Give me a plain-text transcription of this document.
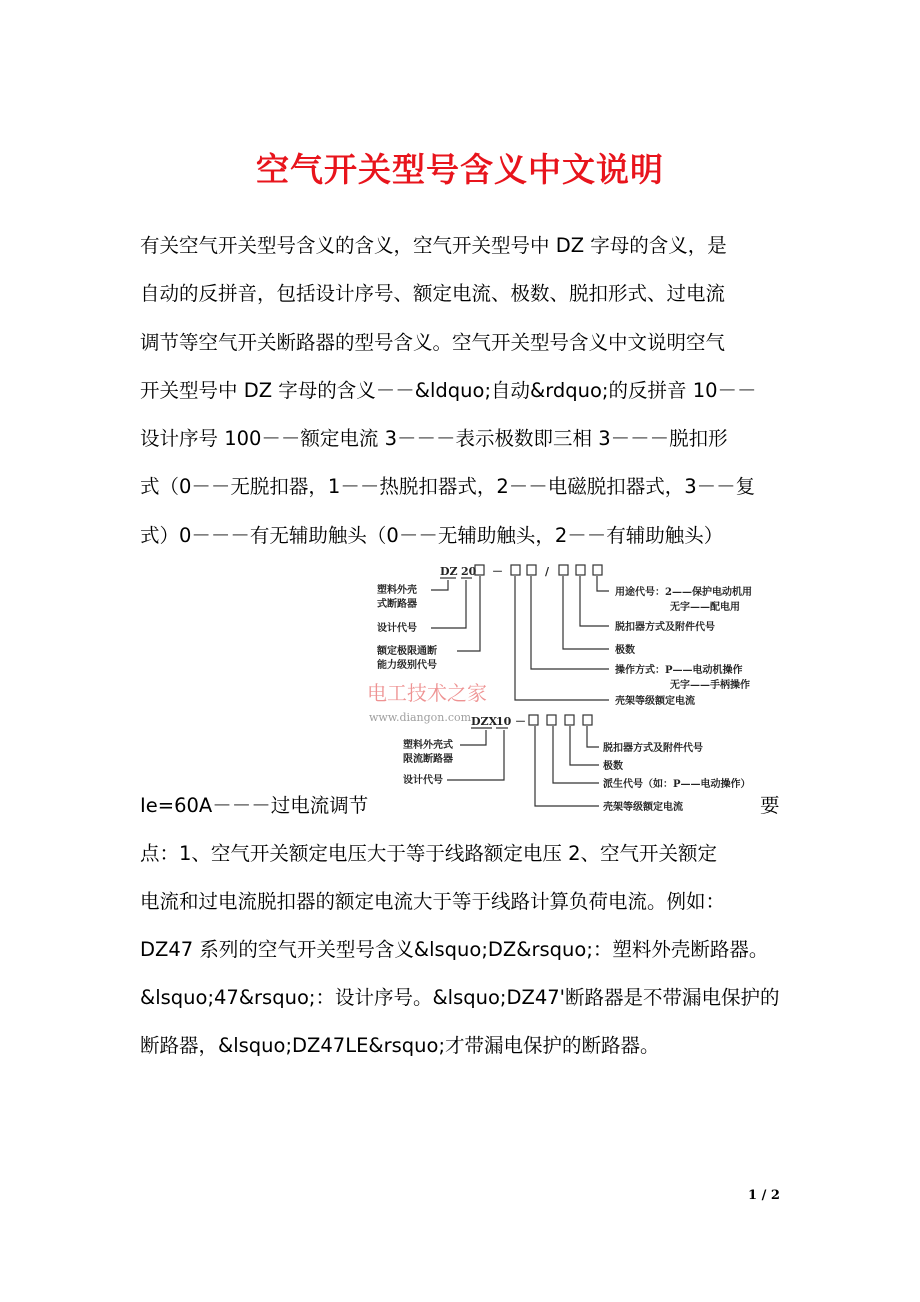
空气开关型号含义中文说明
有关空气开关型号含义的含义，空气开关型号中 DZ 字母的含义，是
自动的反拼音，包括设计序号、额定电流、极数、脱扣形式、过电流
调节等空气开关断路器的型号含义。空气开关型号含义中文说明空气
开关型号中 DZ 字母的含义－－&ldquo;自动&rdquo;的反拼音 10－－
设计序号 100－－额定电流 3－－－表示极数即三相 3－－－脱扣形
式（0－－无脱扣器，1－－热脱扣器式，2－－电磁脱扣器式，3－－复
式）0－－－有无辅助触头（0－－无辅助触头，2－－有辅助触头）
DZ 20 －	/
塑料外壳
式断路器
设计代号
额定极限通断
能力级别代号
用途代号：2——保护电动机用
无字——配电用
脱扣器方式及附件代号
极数
操作方式：P——电动机操作
无字——手柄操作
壳架等级额定电流
DZX
10 －
塑料外壳式
限流断路器
设计代号
脱扣器方式及附件代号
极数
派生代号（如：P——电动操作）
壳架等级额定电流
电工技术之家
www.diangon.com
Ie=60A－－－过电流调节	要
点：1、空气开关额定电压大于等于线路额定电压 2、空气开关额定
电流和过电流脱扣器的额定电流大于等于线路计算负荷电流。例如：
DZ47 系列的空气开关型号含义&lsquo;DZ&rsquo;：塑料外壳断路器。
&lsquo;47&rsquo;：设计序号。&lsquo;DZ47'断路器是不带漏电保护的
断路器，&lsquo;DZ47LE&rsquo;才带漏电保护的断路器。
1 / 2
